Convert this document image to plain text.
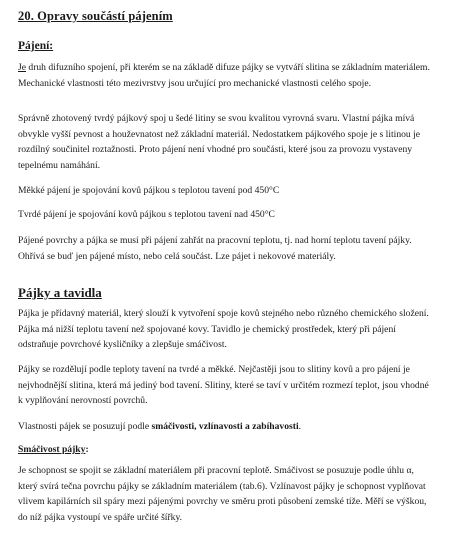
20. Opravy součástí pájením
Pájení:
Je druh difuzního spojení, při kterém se na základě difuze pájky se vytváří slitina se základním materiálem. Mechanické vlastnosti této mezivrstvy jsou určující pro mechanické vlastnosti celého spoje.
Správně zhotovený tvrdý pájkový spoj u šedé litiny se svou kvalitou vyrovná svaru. Vlastní pájka mívá obvykle vyšší pevnost a houževnatost než základní materiál. Nedostatkem pájkového spoje je s litinou je rozdílný součinitel roztažnosti. Proto pájení není vhodné pro součásti, které jsou za provozu vystaveny tepelnému namáhání.
Měkké pájení je spojování kovů pájkou s teplotou tavení pod 450°C
Tvrdé pájení je spojování kovů pájkou s teplotou tavení nad 450°C
Pájené povrchy a pájka se musí při pájení zahřát na pracovní teplotu, tj. nad horní teplotu tavení pájky. Ohřívá se buď jen pájené místo, nebo celá součást. Lze pájet i nekovové materiály.
Pájky a tavidla
Pájka je přídavný materiál, který slouží k vytvoření spoje kovů stejného nebo různého chemického složení. Pájka má nižší teplotu tavení než spojované kovy. Tavidlo je chemický prostředek, který při pájení odstraňuje povrchové kysličníky a zlepšuje smáčivost.
Pájky se rozdělují podle teploty tavení na tvrdé a měkké. Nejčastěji jsou to slitiny kovů a pro pájení je nejvhodnější slitina, která má jediný bod tavení. Slitiny, které se taví v určitém rozmezí teplot, jsou vhodné k vyplňování nerovností povrchů.
Vlastnosti pájek se posuzují podle smáčivosti, vzlínavosti a zabíhavosti.
Smáčivost pájky:
Je schopnost se spojit se základní materiálem při pracovní teplotě. Smáčivost se posuzuje podle úhlu α, který svírá tečna povrchu pájky se základním materiálem (tab.6). Vzlínavost pájky je schopnost vyplňovat vlivem kapilárních sil spáry mezi pájenými povrchy ve směru proti působení zemské tíže. Měří se výškou, do níž pájka vystoupí ve spáře určité šířky.
